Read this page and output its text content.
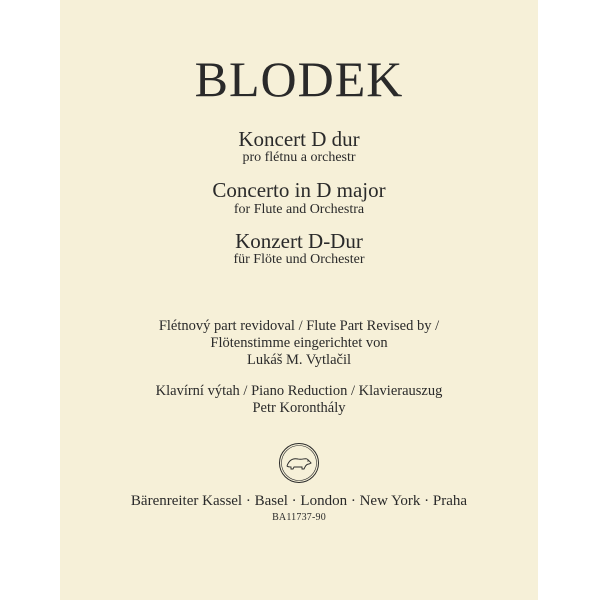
BLODEK
Koncert D dur
pro flétnu a orchestr
Concerto in D major
for Flute and Orchestra
Konzert D-Dur
für Flöte und Orchester
Flétnový part revidoval / Flute Part Revised by /
Flötenstimme eingerichtet von
Lukáš M. Vytlačil
Klavírní výtah / Piano Reduction / Klavierauszug
Petr Koronthály
Bärenreiter Kassel · Basel · London · New York · Praha
BA11737-90
